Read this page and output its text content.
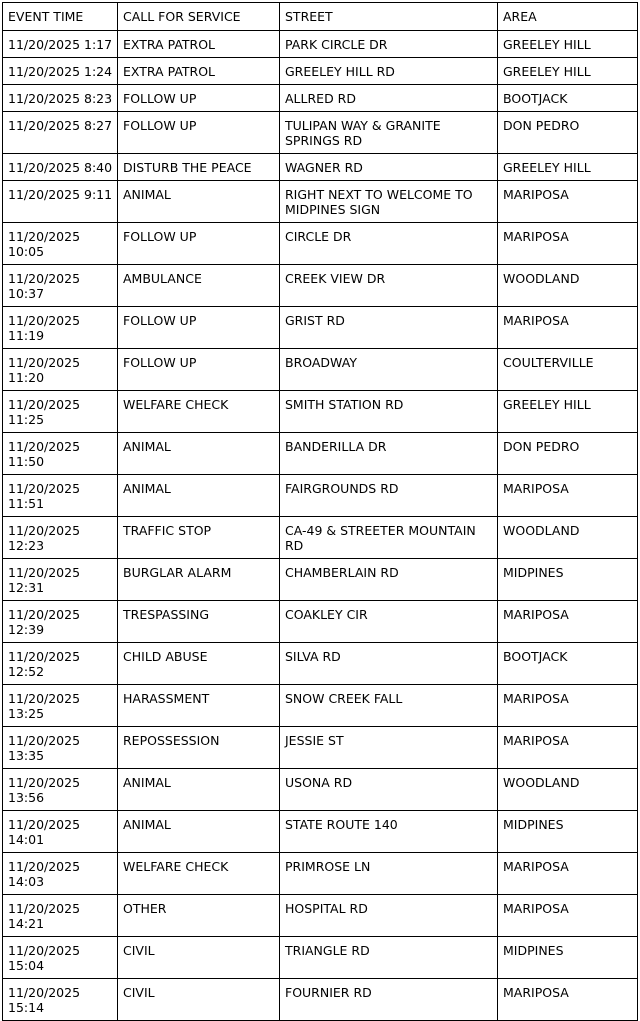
EVENT TIME	CALL FOR SERVICE	STREET	AREA
11/20/2025 1:17	EXTRA PATROL	PARK CIRCLE DR	GREELEY HILL
11/20/2025 1:24	EXTRA PATROL	GREELEY HILL RD	GREELEY HILL
11/20/2025 8:23	FOLLOW UP	ALLRED RD	BOOTJACK
11/20/2025 8:27	FOLLOW UP	TULIPAN WAY & GRANITE SPRINGS RD	DON PEDRO
11/20/2025 8:40	DISTURB THE PEACE	WAGNER RD	GREELEY HILL
11/20/2025 9:11	ANIMAL	RIGHT NEXT TO WELCOME TO MIDPINES SIGN	MARIPOSA
11/20/2025 10:05	FOLLOW UP	CIRCLE DR	MARIPOSA
11/20/2025 10:37	AMBULANCE	CREEK VIEW DR	WOODLAND
11/20/2025 11:19	FOLLOW UP	GRIST RD	MARIPOSA
11/20/2025 11:20	FOLLOW UP	BROADWAY	COULTERVILLE
11/20/2025 11:25	WELFARE CHECK	SMITH STATION RD	GREELEY HILL
11/20/2025 11:50	ANIMAL	BANDERILLA DR	DON PEDRO
11/20/2025 11:51	ANIMAL	FAIRGROUNDS RD	MARIPOSA
11/20/2025 12:23	TRAFFIC STOP	CA-49 & STREETER MOUNTAIN RD	WOODLAND
11/20/2025 12:31	BURGLAR ALARM	CHAMBERLAIN RD	MIDPINES
11/20/2025 12:39	TRESPASSING	COAKLEY CIR	MARIPOSA
11/20/2025 12:52	CHILD ABUSE	SILVA RD	BOOTJACK
11/20/2025 13:25	HARASSMENT	SNOW CREEK FALL	MARIPOSA
11/20/2025 13:35	REPOSSESSION	JESSIE ST	MARIPOSA
11/20/2025 13:56	ANIMAL	USONA RD	WOODLAND
11/20/2025 14:01	ANIMAL	STATE ROUTE 140	MIDPINES
11/20/2025 14:03	WELFARE CHECK	PRIMROSE LN	MARIPOSA
11/20/2025 14:21	OTHER	HOSPITAL RD	MARIPOSA
11/20/2025 15:04	CIVIL	TRIANGLE RD	MIDPINES
11/20/2025 15:14	CIVIL	FOURNIER RD	MARIPOSA
